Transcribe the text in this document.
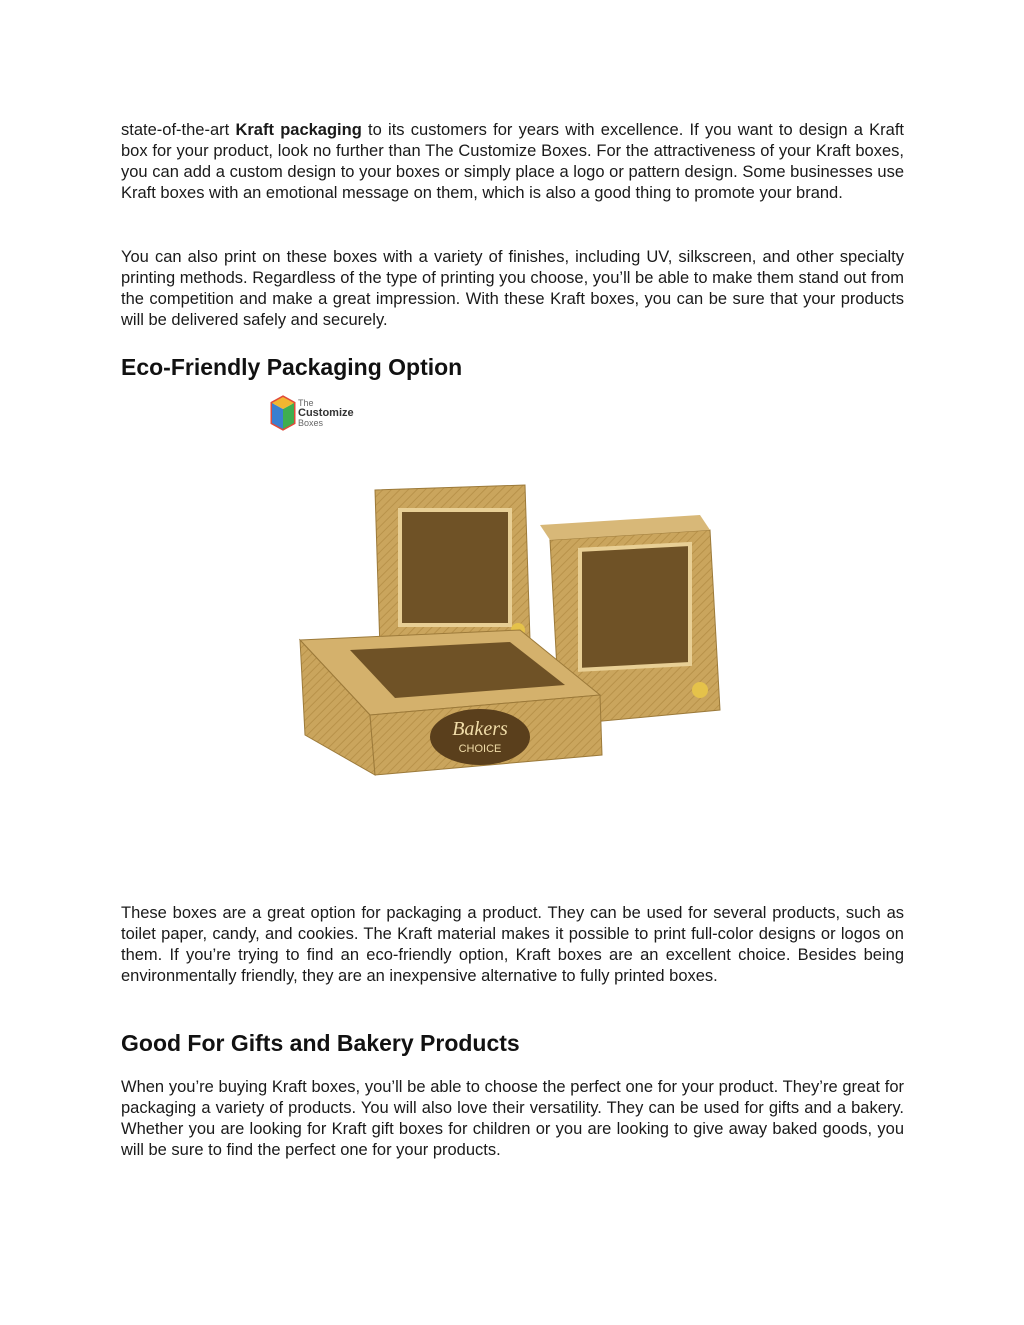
state-of-the-art Kraft packaging to its customers for years with excellence. If you want to design a Kraft box for your product, look no further than The Customize Boxes. For the attractiveness of your Kraft boxes, you can add a custom design to your boxes or simply place a logo or pattern design. Some businesses use Kraft boxes with an emotional message on them, which is also a good thing to promote your brand.

You can also print on these boxes with a variety of finishes, including UV, silkscreen, and other specialty printing methods. Regardless of the type of printing you choose, you’ll be able to make them stand out from the competition and make a great impression. With these Kraft boxes, you can be sure that your products will be delivered safely and securely.

Eco-Friendly Packaging Option

These boxes are a great option for packaging a product. They can be used for several products, such as toilet paper, candy, and cookies. The Kraft material makes it possible to print full-color designs or logos on them. If you’re trying to find an eco-friendly option, Kraft boxes are an excellent choice. Besides being environmentally friendly, they are an inexpensive alternative to fully printed boxes.

Good For Gifts and Bakery Products

When you’re buying Kraft boxes, you’ll be able to choose the perfect one for your product. They’re great for packaging a variety of products. You will also love their versatility. They can be used for gifts and a bakery. Whether you are looking for Kraft gift boxes for children or you are looking to give away baked goods, you will be sure to find the perfect one for your products.

The
Customize
Boxes
Bakers
CHOICE
